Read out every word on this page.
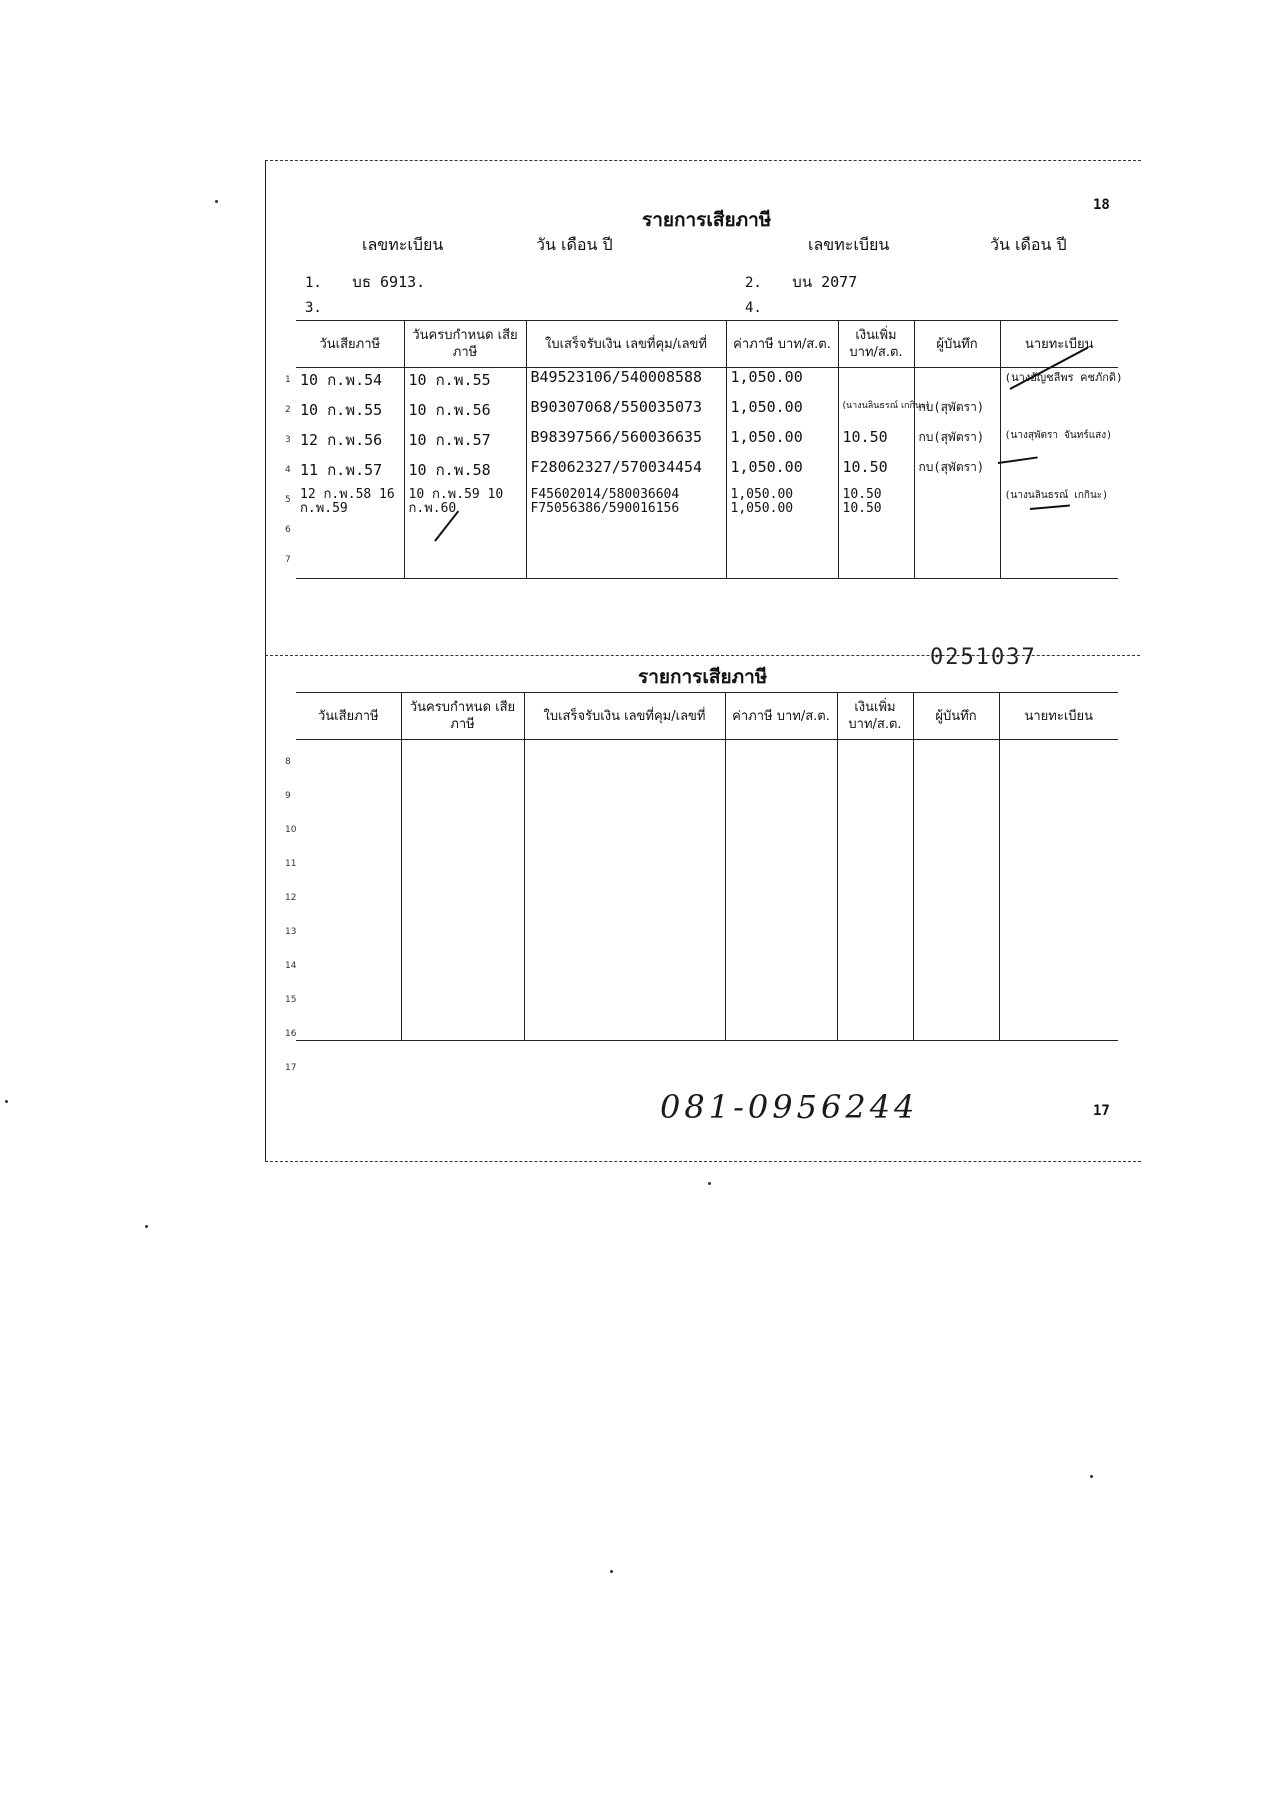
0251037
18
รายการเสียภาษี
เลขทะเบียน	วัน เดือน ปี	เลขทะเบียน	วัน เดือน ปี
1. บธ 6913.	2. บน 2077
3.	4.
วันเสียภาษี	วันครบกำหนด เสียภาษี	ใบเสร็จรับเงิน เลขที่คุม/เลขที่	ค่าภาษี บาท/ส.ต.	เงินเพิ่ม บาท/ส.ต.	ผู้บันทึก	นายทะเบียน
10 ก.พ.54	10 ก.พ.55	B49523106/540008588	1,050.00			(นางอัญชลีพร คชภักดิ)
10 ก.พ.55	10 ก.พ.56	B90307068/550035073	1,050.00	(นางนลินธรณ์ เกกินะ)	กบ(สุพัตรา)	
12 ก.พ.56	10 ก.พ.57	B98397566/560036635	1,050.00	10.50	กบ(สุพัตรา)	(นางสุพัตรา จันทร์แสง)
11 ก.พ.57	10 ก.พ.58	F28062327/570034454	1,050.00	10.50	กบ(สุพัตรา)	
12 ก.พ.58 16 ก.พ.59	10 ก.พ.59 10 ก.พ.60	F45602014/580036604 F75056386/590016156	1,050.00 1,050.00	10.50 10.50		(นางนลินธรณ์ เกกินะ)

1
2
3
4
5
6
7
รายการเสียภาษี
วันเสียภาษี	วันครบกำหนด เสียภาษี	ใบเสร็จรับเงิน เลขที่คุม/เลขที่	ค่าภาษี บาท/ส.ต.	เงินเพิ่ม บาท/ส.ต.	ผู้บันทึก	นายทะเบียน

8
9
10
11
12
13
14
15
16
17
081-0956244	17
